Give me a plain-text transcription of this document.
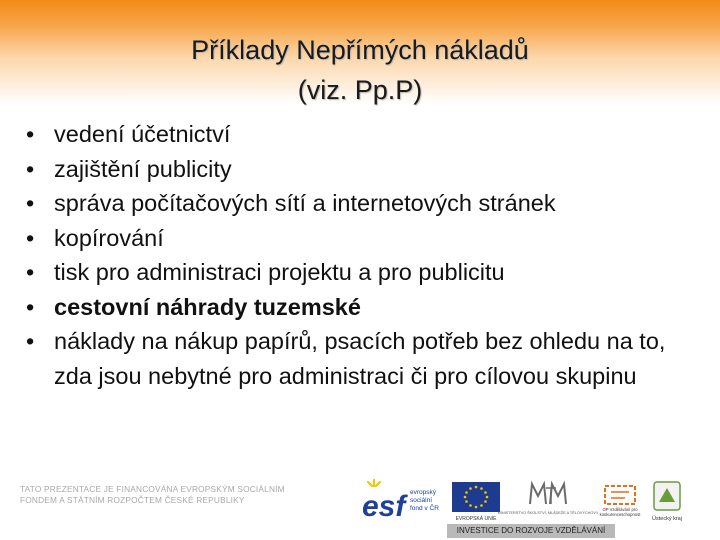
Příklady Nepřímých nákladů
(viz. Pp.P)
• vedení účetnictví
• zajištění publicity
• správa počítačových sítí a internetových stránek
• kopírování
• tisk pro administraci projektu a pro publicitu
• cestovní náhrady tuzemské
• náklady na nákup papírů, psacích potřeb bez ohledu na to, zda jsou nebytné pro administraci či pro cílovou skupinu
TATO PREZENTACE JE FINANCOVÁNA EVROPSKÝM SOCIÁLNÍM
FONDEM A STÁTNÍM ROZPOČTEM ČESKÉ REPUBLIKY	esf evropský
sociální
fond v ČR
EVROPSKÁ UNIE
MINISTERSTVO ŠKOLSTVÍ, MLÁDEŽE A TĚLOVÝCHOVY
OP Vzdělávání pro konkurenceschopnost
Ústecký kraj
INVESTICE DO ROZVOJE VZDĚLÁVÁNÍ
